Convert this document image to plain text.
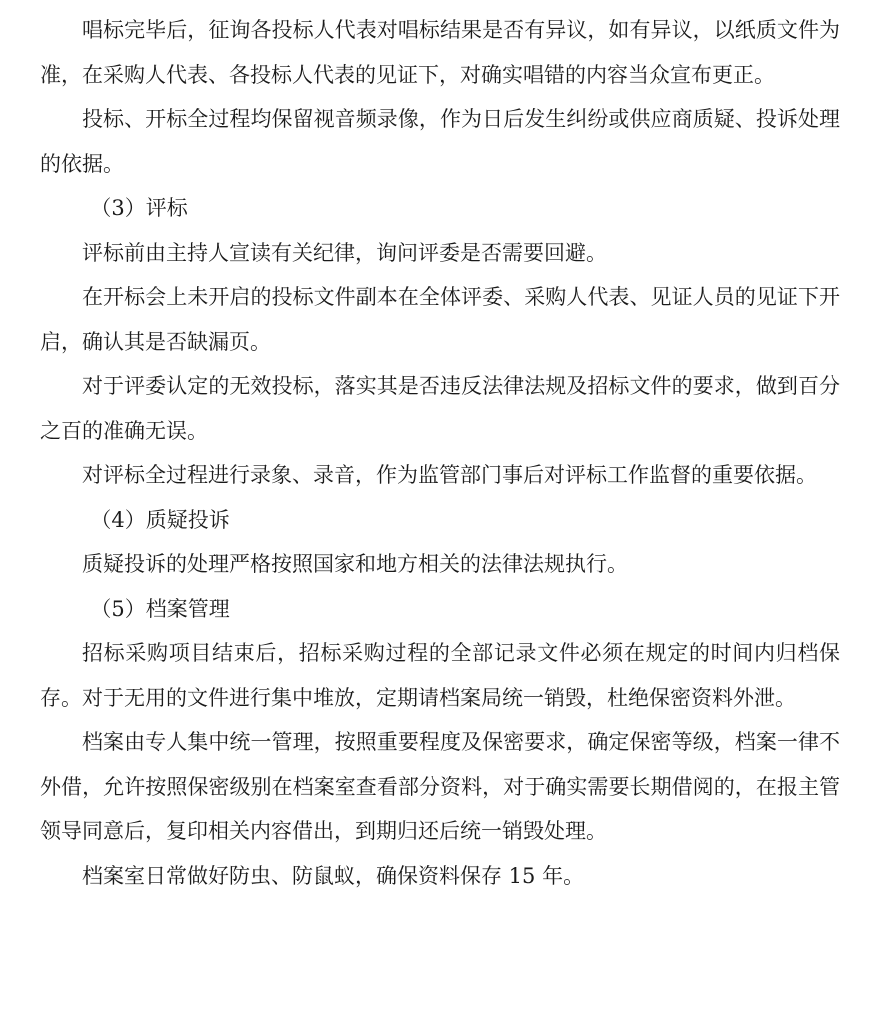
唱标完毕后，征询各投标人代表对唱标结果是否有异议，如有异议，以纸质文件为准，在采购人代表、各投标人代表的见证下，对确实唱错的内容当众宣布更正。

投标、开标全过程均保留视音频录像，作为日后发生纠纷或供应商质疑、投诉处理的依据。

（3）评标

评标前由主持人宣读有关纪律，询问评委是否需要回避。

在开标会上未开启的投标文件副本在全体评委、采购人代表、见证人员的见证下开启，确认其是否缺漏页。

对于评委认定的无效投标，落实其是否违反法律法规及招标文件的要求，做到百分之百的准确无误。

对评标全过程进行录象、录音，作为监管部门事后对评标工作监督的重要依据。

（4）质疑投诉

质疑投诉的处理严格按照国家和地方相关的法律法规执行。

（5）档案管理

招标采购项目结束后，招标采购过程的全部记录文件必须在规定的时间内归档保存。对于无用的文件进行集中堆放，定期请档案局统一销毁，杜绝保密资料外泄。

档案由专人集中统一管理，按照重要程度及保密要求，确定保密等级，档案一律不外借，允许按照保密级别在档案室查看部分资料，对于确实需要长期借阅的，在报主管领导同意后，复印相关内容借出，到期归还后统一销毁处理。

档案室日常做好防虫、防鼠蚁，确保资料保存 15 年。
